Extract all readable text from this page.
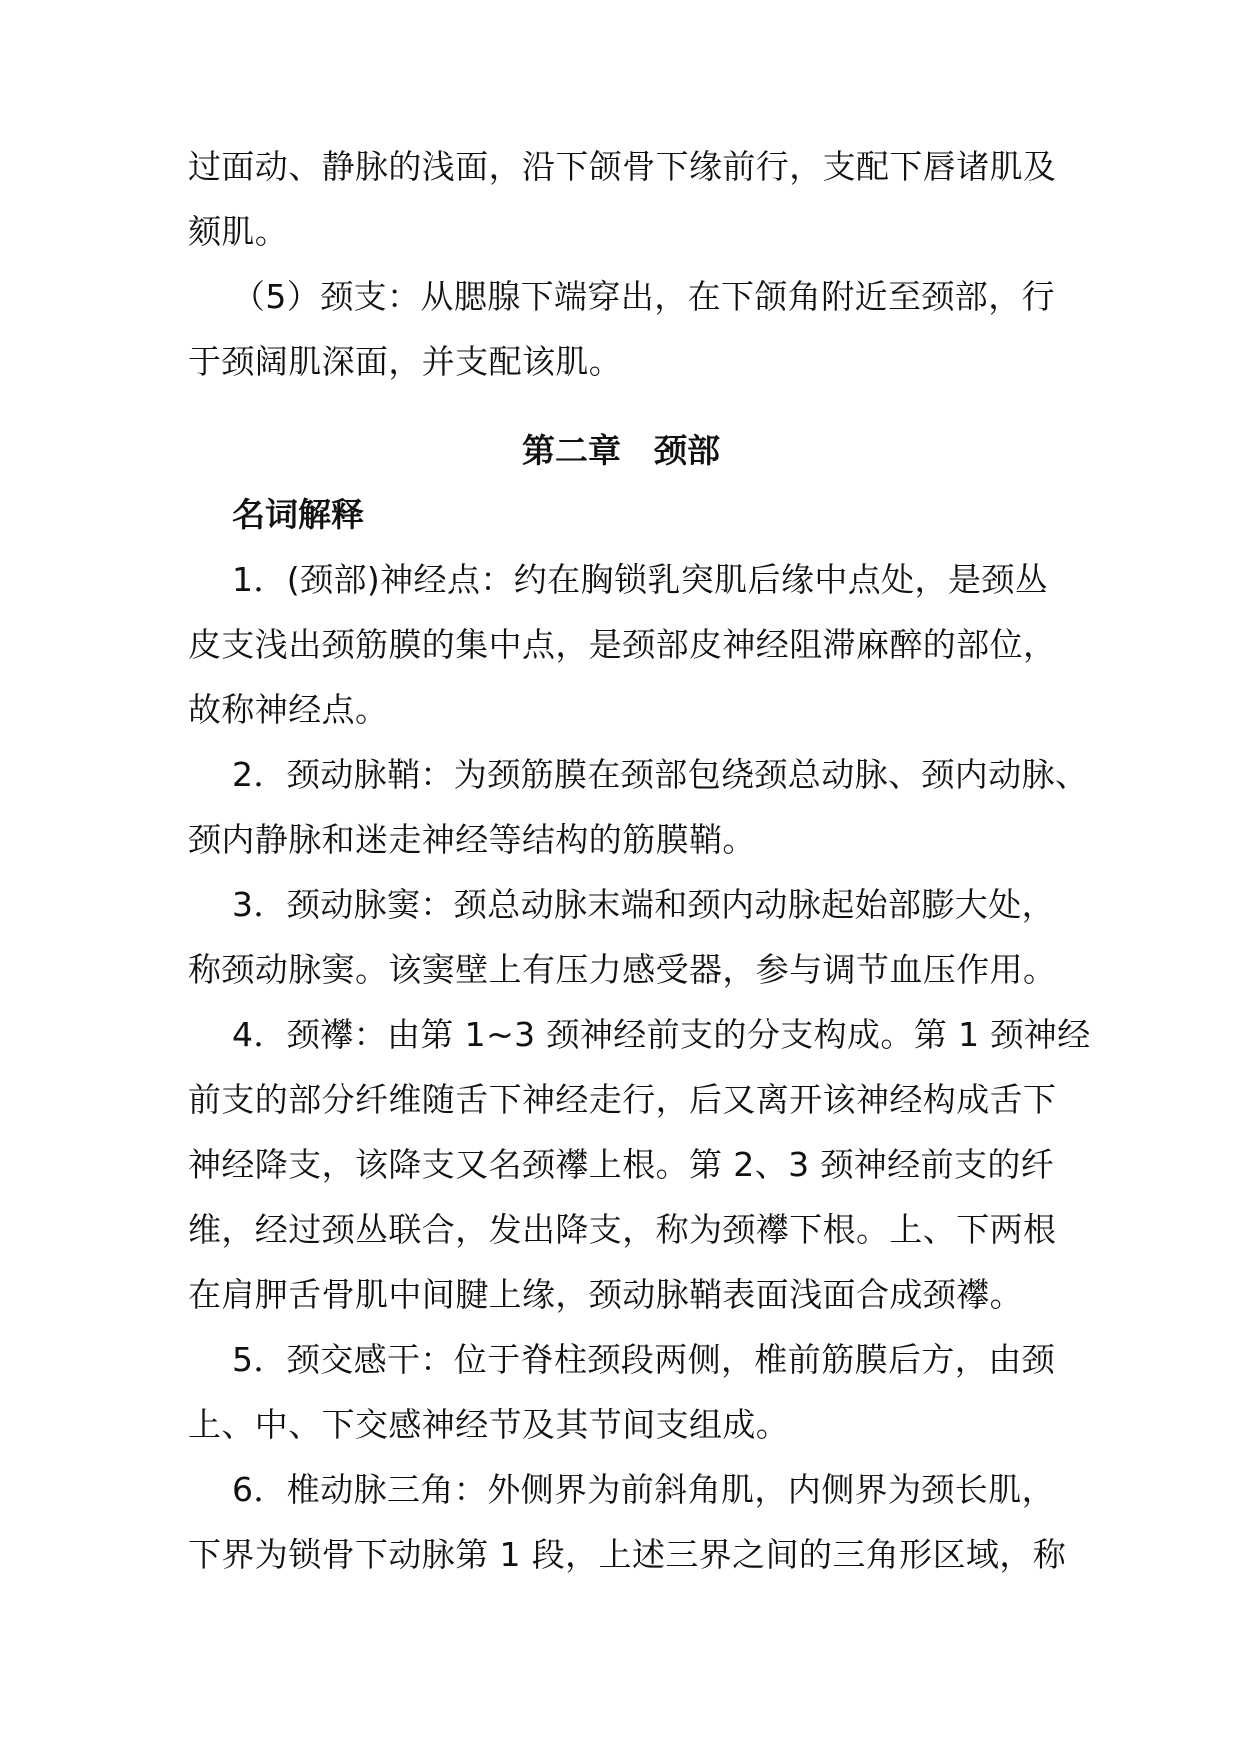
过面动、静脉的浅面，沿下颌骨下缘前行，支配下唇诸肌及
颏肌。
（5）颈支：从腮腺下端穿出，在下颌角附近至颈部，行
于颈阔肌深面，并支配该肌。
第二章　颈部
名词解释
1．(颈部)神经点：约在胸锁乳突肌后缘中点处，是颈丛
皮支浅出颈筋膜的集中点，是颈部皮神经阻滞麻醉的部位，
故称神经点。
2．颈动脉鞘：为颈筋膜在颈部包绕颈总动脉、颈内动脉、
颈内静脉和迷走神经等结构的筋膜鞘。
3．颈动脉窦：颈总动脉末端和颈内动脉起始部膨大处，
称颈动脉窦。该窦壁上有压力感受器，参与调节血压作用。
4．颈襻：由第 1~3 颈神经前支的分支构成。第 1 颈神经
前支的部分纤维随舌下神经走行，后又离开该神经构成舌下
神经降支，该降支又名颈襻上根。第 2、3 颈神经前支的纤
维，经过颈丛联合，发出降支，称为颈襻下根。上、下两根
在肩胛舌骨肌中间腱上缘，颈动脉鞘表面浅面合成颈襻。
5．颈交感干：位于脊柱颈段两侧，椎前筋膜后方，由颈
上、中、下交感神经节及其节间支组成。
6．椎动脉三角：外侧界为前斜角肌，内侧界为颈长肌，
下界为锁骨下动脉第 1 段，上述三界之间的三角形区域，称
